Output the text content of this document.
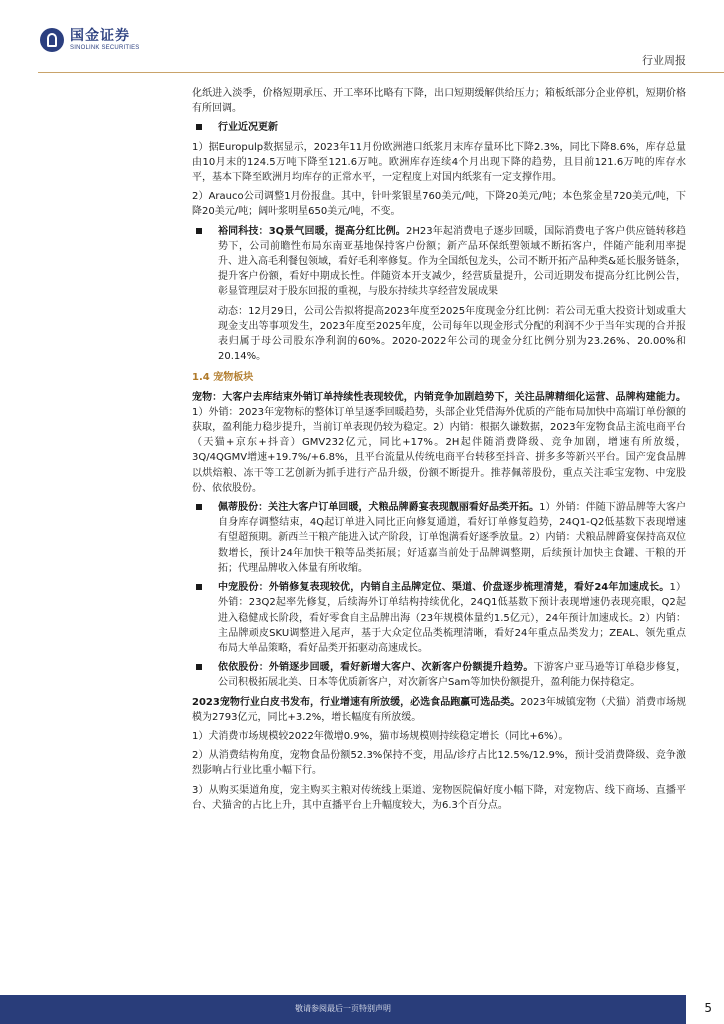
国金证券
SINOLINK SECURITIES
行业周报

化纸进入淡季，价格短期承压、开工率环比略有下降，出口短期缓解供给压力；箱板纸部分企业停机，短期价格有所回调。

行业近况更新

1）据Europulp数据显示，2023年11月份欧洲港口纸浆月末库存量环比下降2.3%，同比下降8.6%，库存总量由10月末的124.5万吨下降至121.6万吨。欧洲库存连续4个月出现下降的趋势，且目前121.6万吨的库存水平，基本下降至欧洲月均库存的正常水平，一定程度上对国内纸浆有一定支撑作用。

2）Arauco公司调整1月份报盘。其中，针叶浆银星760美元/吨，下降20美元/吨；本色浆金星720美元/吨，下降20美元/吨；阔叶浆明星650美元/吨，不变。

裕同科技：3Q景气回暖，提高分红比例。2H23年起消费电子逐步回暖，国际消费电子客户供应链转移趋势下，公司前瞻性布局东南亚基地保持客户份额；新产品环保纸塑领域不断拓客户，伴随产能利用率提升、进入高毛利餐包领域，看好毛利率修复。作为全国纸包龙头，公司不断开拓产品种类&延长服务链条，提升客户份额，看好中期成长性。伴随资本开支减少，经营质量提升，公司近期发布提高分红比例公告，彰显管理层对于股东回报的重视，与股东持续共享经营发展成果

动态：12月29日，公司公告拟将提高2023年度至2025年度现金分红比例：若公司无重大投资计划或重大现金支出等事项发生，2023年度至2025年度，公司每年以现金形式分配的利润不少于当年实现的合并报表归属于母公司股东净利润的60%。2020-2022年公司的现金分红比例分别为23.26%、20.00%和20.14%。

1.4 宠物板块

宠物：大客户去库结束外销订单持续性表现较优，内销竞争加剧趋势下，关注品牌精细化运营、品牌构建能力。1）外销：2023年宠物标的整体订单呈逐季回暖趋势，头部企业凭借海外优质的产能布局加快中高端订单份额的获取，盈利能力稳步提升，当前订单表现仍较为稳定。2）内销：根据久谦数据，2023年宠物食品主流电商平台（天猫+京东+抖音）GMV232亿元，同比+17%。2H起伴随消费降级、竞争加剧，增速有所放缓，3Q/4QGMV增速+19.7%/+6.8%，且平台流量从传统电商平台转移至抖音、拼多多等新兴平台。国产宠食品牌以烘焙粮、冻干等工艺创新为抓手进行产品升级，份额不断提升。推荐佩蒂股份，重点关注乖宝宠物、中宠股份、依依股份。

佩蒂股份：关注大客户订单回暖，犬粮品牌爵宴表现靓丽看好品类开拓。1）外销：伴随下游品牌等大客户自身库存调整结束，4Q起订单进入同比正向修复通道，看好订单修复趋势，24Q1-Q2低基数下表现增速有望超预期。新西兰干粮产能进入试产阶段，订单饱满看好逐季放量。2）内销：犬粮品牌爵宴保持高双位数增长，预计24年加快干粮等品类拓展；好适嘉当前处于品牌调整期，后续预计加快主食罐、干粮的开拓；代理品牌收入体量有所收缩。
中宠股份：外销修复表现较优，内销自主品牌定位、渠道、价盘逐步梳理清楚，看好24年加速成长。1）外销：23Q2起率先修复，后续海外订单结构持续优化，24Q1低基数下预计表现增速仍表现亮眼，Q2起进入稳健成长阶段，看好零食自主品牌出海（23年规模体量约1.5亿元），24年预计加速成长。2）内销：主品牌顽皮SKU调整进入尾声，基于大众定位品类梳理清晰，看好24年重点品类发力；ZEAL、领先重点布局大单品策略，看好品类开拓驱动高速成长。
依依股份：外销逐步回暖，看好新增大客户、次新客户份额提升趋势。下游客户亚马逊等订单稳步修复，公司积极拓展北美、日本等优质新客户，对次新客户Sam等加快份额提升，盈利能力保持稳定。

2023宠物行业白皮书发布，行业增速有所放缓，必选食品跑赢可选品类。2023年城镇宠物（犬猫）消费市场规模为2793亿元，同比+3.2%，增长幅度有所放缓。

1）犬消费市场规模较2022年微增0.9%，猫市场规模则持续稳定增长（同比+6%）。

2）从消费结构角度，宠物食品份额52.3%保持不变，用品/诊疗占比12.5%/12.9%，预计受消费降级、竞争激烈影响占行业比重小幅下行。

3）从购买渠道角度，宠主购买主粮对传统线上渠道、宠物医院偏好度小幅下降，对宠物店、线下商场、直播平台、犬猫舍的占比上升，其中直播平台上升幅度较大，为6.3个百分点。

敬请参阅最后一页特别声明	5
